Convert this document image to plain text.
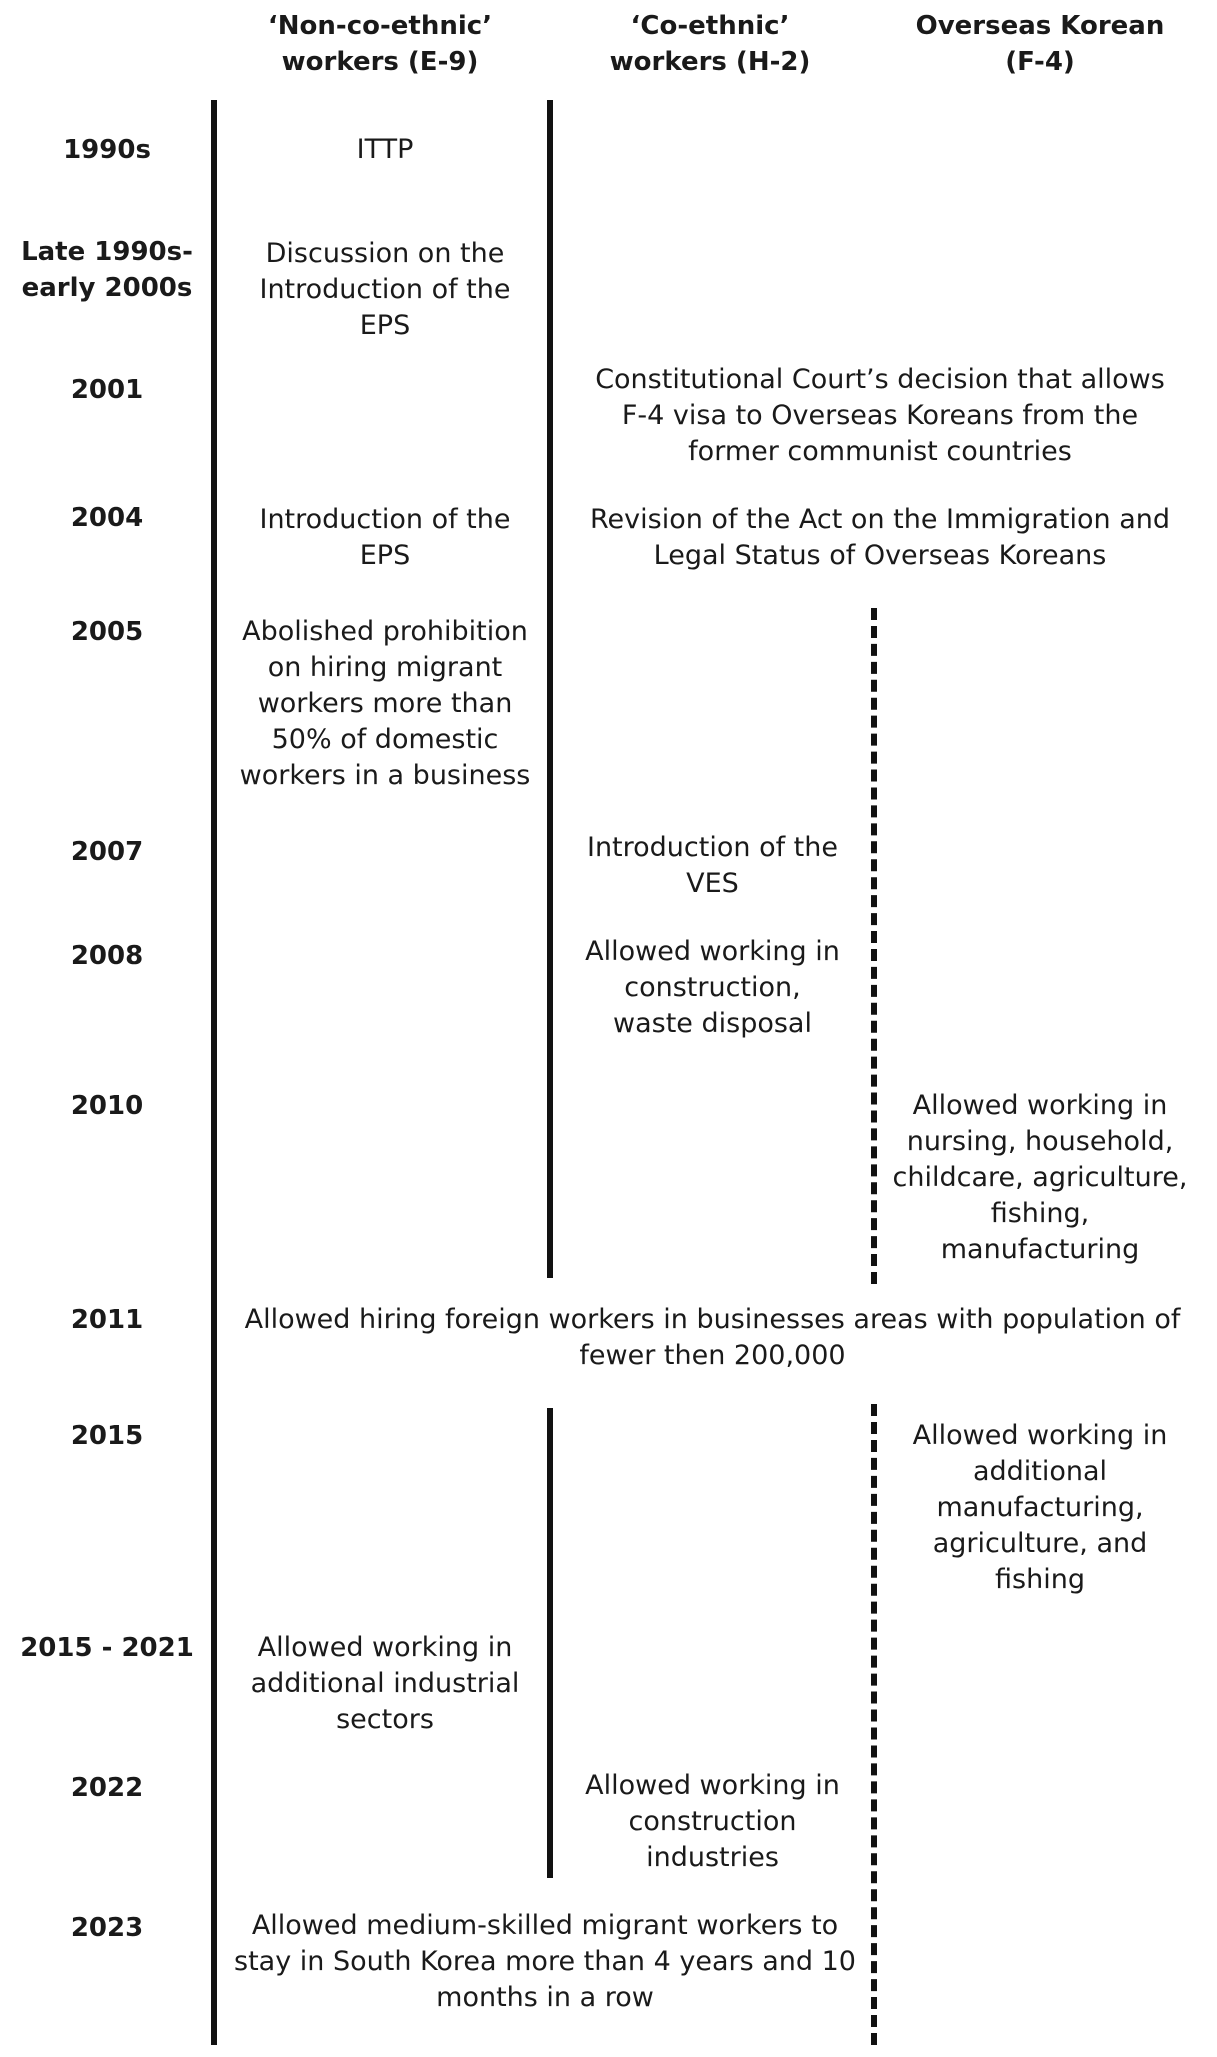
‘Non-co-ethnic’
workers (E-9)
‘Co-ethnic’
workers (H-2)
Overseas Korean
(F-4)
1990s
Late 1990s-
early 2000s
2001
2004
2005
2007
2008
2010
2011
2015
2015 - 2021
2022
2023
ITTP
Discussion on the
Introduction of the
EPS
Constitutional Court’s decision that allows
F-4 visa to Overseas Koreans from the
former communist countries
Introduction of the
EPS
Revision of the Act on the Immigration and
Legal Status of Overseas Koreans
Abolished prohibition
on hiring migrant
workers more than
50% of domestic
workers in a business
Introduction of the
VES
Allowed working in
construction,
waste disposal
Allowed working in
nursing, household,
childcare, agriculture,
fishing,
manufacturing
Allowed hiring foreign workers in businesses areas with population of
fewer then 200,000
Allowed working in
additional
manufacturing,
agriculture, and
fishing
Allowed working in
additional industrial
sectors
Allowed working in
construction
industries
Allowed medium-skilled migrant workers to
stay in South Korea more than 4 years and 10
months in a row
